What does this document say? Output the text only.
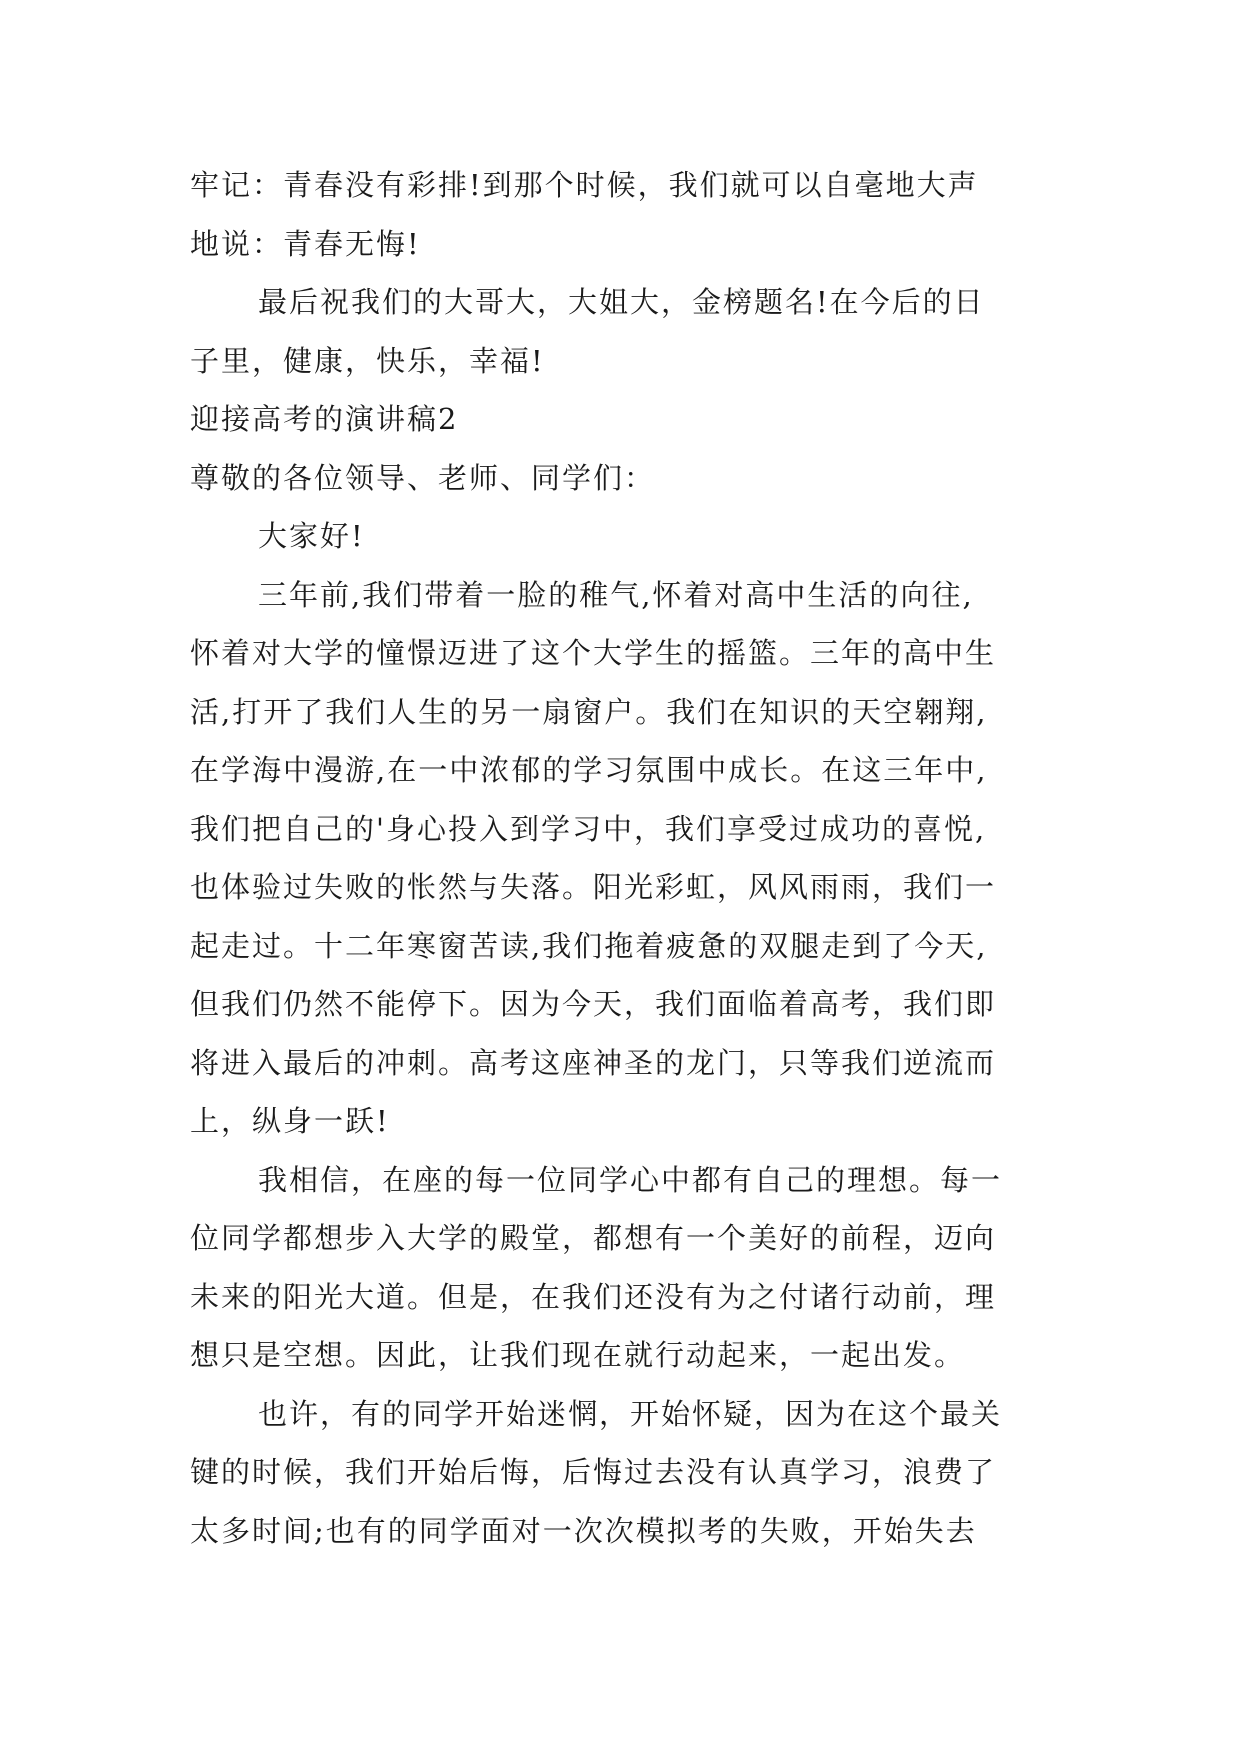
牢记：青春没有彩排!到那个时候，我们就可以自毫地大声
地说：青春无悔!
最后祝我们的大哥大，大姐大，金榜题名!在今后的日
子里，健康，快乐，幸福!
迎接高考的演讲稿2
尊敬的各位领导、老师、同学们：
大家好!
三年前,我们带着一脸的稚气,怀着对高中生活的向往,
怀着对大学的憧憬迈进了这个大学生的摇篮。三年的高中生
活,打开了我们人生的另一扇窗户。我们在知识的天空翱翔,
在学海中漫游,在一中浓郁的学习氛围中成长。在这三年中,
我们把自己的'身心投入到学习中，我们享受过成功的喜悦,
也体验过失败的怅然与失落。阳光彩虹，风风雨雨，我们一
起走过。十二年寒窗苦读,我们拖着疲惫的双腿走到了今天,
但我们仍然不能停下。因为今天，我们面临着高考，我们即
将进入最后的冲刺。高考这座神圣的龙门，只等我们逆流而
上，纵身一跃!
我相信，在座的每一位同学心中都有自己的理想。每一
位同学都想步入大学的殿堂，都想有一个美好的前程，迈向
未来的阳光大道。但是，在我们还没有为之付诸行动前，理
想只是空想。因此，让我们现在就行动起来，一起出发。
也许，有的同学开始迷惘，开始怀疑，因为在这个最关
键的时候，我们开始后悔，后悔过去没有认真学习，浪费了
太多时间;也有的同学面对一次次模拟考的失败，开始失去
